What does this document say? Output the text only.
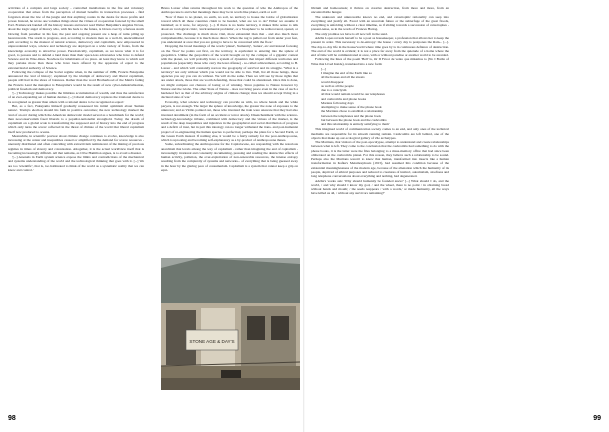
activities of a complex and large society - controlled installations in the fire and voluntary cooperation that arises from the perception of mutual benefits in transaction processes - find forgotten about the law of the jungle and that anything counts in the desire for more profits and power. Instead, he wrote one volumes things about the virtues of cooperation fostered by the small Earl. Framework banded off the history lessons and never read Walter Benjamin's Angelus Novus, about the tragic angel of history who, with his back to the future, is blown over by a furious storm blowing from paradise: in his fear, the past and ongoing present are a heap of ruins piling up heavenwards. The storm is progress, and, according to modern men as a well-lit, unencumbered path according to the manual of natural science, democracy and capitalism, now empowered in unprecedented ways, science and technology are deployed on a wide variety of fronts, from the knowledge economy to attractive power. Paradoxically, capitalism, as we know what it is for good, to possess and to defend a land more than their space-less adversaries who have to defend Science and its Wise-Ones. Nowhere for inhabitants of no place. At least they know to which soil they partake more than those who have been offered by the apparatus of equal to the extraterritorial authority of Science.

Following the collapse of the Soviet regime when, in the summer of 1989, Francis Fukuyama announced the 'end of history', explained by the triumph of democracy and liberal capitalism, people still had in the shore of balances. Rather than the word Brotherhood of the Matrix fading the Francis Land the metaphor is Fukuyama's would be the result of new cyber-industrialisation, political freedom and democracy.

'[...] Technology makes possible the limitless accumulation of wealth, and thus the satisfaction of an ever-expanding set of human desires. [...] Liberal democracy replaces the irrational desire to be recognized as greater than others with a rational desire to be recognized as equal.'

But, as a fact, Fukuyama himself gradually reassessed his initial optimism about 'human nature'. Trump's election should his faith in positive outcomes; the new technology marked the 'end of an era' during which the American democratic model served as a benchmark for the world; then neoconservatism freed liberals to a populist-nationalist stronghold. Today, the dream of capitalism on a global scale is transforming the supposed end of history into the end of progress which only turns the screw: reflected in the threat of climate of the world that liberal capitalism itself now produced to oceans.

Meanwhile, in scientific postwar about climate change continues to evolve, knowledge is also increasing at the center and inequalities caused or amplified by the demand for scarce resources - unevenly distributed and often coinciding with extractivism reminiscent of the mining of precious regimes in times of slavery and colonisation. Altogether, it is the actual worldview itself that is becoming increasingly difficult. All that remains, as Clive Hamilton argues, is to avoid a disaster.

'[...] Arsenals in Earth system science expose the limits and contradictions of the mechanical and systems understanding of the world and the technological thinking that goes with it. [...] We are too 'scientific', that is, too habituated to think of the world as a systematic reality that we can know and control.'

Bruno Latour often returns throughout his work to the question of who the Anthropos of the Anthropocene is and what meanings there may be in words like planet, earth or soil:

'Now if there is no planet, no earth, no soil, no territory to house the Globe of globalization toward which all these countries claim to be headed, what are we to do? Either we assume it banished; as it were, for anyway, [...]. If there is no home territory, it makes little sense to talk about an 'ecological crisis', 'environmental problems', or a 'biosphere' to be rediscovered, spared, or protected. The challenge is much more vital, more existential than that - and also much more comprehensible, because it is much more direct. When the rug is pulled out from under your feet, you understand at once that you are going to have to be concerned with the floor.'

Dropping the broad meanings of the words 'planet', 'humanity', 'nature', etc and instead focusing on the 'floor' he points out first, on the territory, is equivalent to entering into the sphere of geopolitics. Unlike the geopolitics of the world brought on by the collapse of a gigantic contest with the planet, we will probably have a system of dynamics that impart different territories and populations (especially those who carry the least offense) - so-called achievement, according to B. Latour - and which will constantly narrow the geography of survival and its struggle. 'What is a territory? not only without which you would not be able to live. Well, list all those beings, those agencies you say you can do without. We will do the same. Then we will see by those rights that are under attack, those that are worth defending, those that could be abandoned. Once this is done, we might compare our chances of losing or of winning. Since pajamas to Nature however by Nature and the Globe. The other State of Nature - does not bring peace even in the case of such a hardened fact as that of the arbitrary origins of climate change; thus we should accept living in a declared state of war.'

Economy, what science and technology can provide us with, no where hands and the white paryers, is not enough. The larger the sphere of knowledge, the greater the zone of exposure to the unknown; and as Virilio pointed out, those who invented the train were unaware that they had also invented derailment (in the form of an accident or terror attack). Disenchantment with the science-technology-knowledge tribune, combined with democracy and the virtues of the market, is the result of the deep inequalities and injustices in the geographical and social distribution of progress and a deficit of trust, but in part this ideology can no longer withstand the trans- and post-humanist project of re-engineering the human species to perfection; perhaps the plans for a Second Earth, or the Green Earth instead. If nothing else, it would be a fairly remedy for the post-Anthropocene, which is uprooting and becoming self-explanatory as a by-product of Anthropocene theses.

Some, subordinating the Anthropocene for the Capitalocene, are responding with the notorious anarchism that levels among the way of capitalism - rather than imagining the end of capitalism - increasingly irrational and constantly documenting, pressing and reading the destructive effects of human activity, pollution, the over-exploitation of non-renewable resources, the intense entropy resulting from the complexity of systems and networks... of everything that is being guessed away in the hour by the glaring pace of consumerism. Capitalism is a system that cannot keep a grip on equi-

98
STONE AGE & DAY'S

librium and homeostasis; it thrives on creative destruction, from more and more, from an uncontrollable hunger.

The unknown and unknowable knows no end, and catastrophic rationality can seep into everything and justify all. Faced with an uncertain future or the subterfuge of the great floods, everything is unfolding without a clear timeline, as if sliding towards a succession of catastrophes - present-tense, as in the words of Frances Hartog.

The only promise we have is all now left in the sand.

Adélia Lopes reveals herself to be a poet as housekeeper, a profession that allows her to keep the present in order. This necessary to de-entropy: the house / every day is postpones the Rain... [...]. The day-to-day life in the house/world where time goes by is in continuous defiance of destruction. The end of the world is evident; it is not a place far away from the quietude of a home where the end of time will be communicated at once, with or without paradise or another world to be awarded.

Following the lines of the poem 'Hell' is, Or II Favor de vento que mikamos to (No I Bottle of Wine that Lived Inside), translated into a new form:

[...]
I imagine the end of the Earth like so
all the houses and all the streets
would disappear
as well as all the people
due to a cataclysm
all that would remain would be our telephones
and cashcombs and phone books
Marians following days
attempting to make sense of the phone book
the Martians chose to establish a relationship
between the telephones and the phone book
but between the phone book and the cashcombs
and this relationship is entirely satisfying to them'

This imagined world of communication society comes to an end, and only ones of the technical mediums are responsible for its smooth running remain. Cashcombs are left behind, one of the objects that make up our ecological gallery of vile archetypes.

The Martians, that visitors of the post-apocalypse, attempt to understand and create relationships between what is left. They come to the conclusion that the cashcombs had something to do with the phone books, it is the latter were the files belonging to a mass-memory office that had since been obliterated on the cashcombs planet. For this reason, they believe such a relationship to be sound. Perhaps also the Martians weren't to know that human, transformed into insects like a human transformation in Kafka's Metamorphosis (1915), had assumed this condition because of the existential meaninglessness of the modern age, because of the alienation which the humanity of its people, deprived of ethical purposes and reduced to creatures of instinct, automatism, aloofness and long telephone conversations about everything and nothing, had degenerated.

Adélia's works ask: 'Why should humanity be founded anew? [...] What should I do, and the world, / and why should I know my god, / and the wheel, there is no point / in obtaining bread without hands and mouth; / the seeds reappears / with a words,' or made humanity, all the ways have killed us all, / without any survivors remaining?'

99
